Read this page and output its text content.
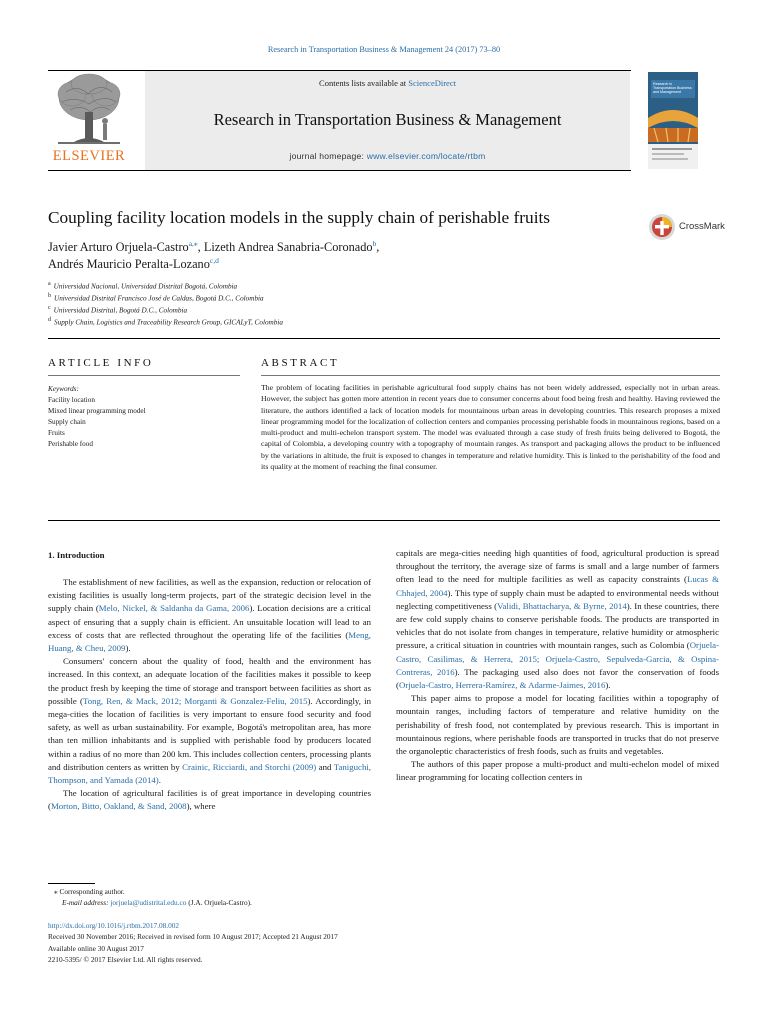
Research in Transportation Business & Management 24 (2017) 73–80
ELSEVIER
Contents lists available at ScienceDirect
Research in Transportation Business & Management
journal homepage: www.elsevier.com/locate/rtbm
Research in Transportation Business and Management
Coupling facility location models in the supply chain of perishable fruits	CrossMark
Javier Arturo Orjuela-Castro$^{a,⁎}$, Lizeth Andrea Sanabria-Coronado$^b$,
Andrés Mauricio Peralta-Lozano$^{c,d}$
$^a$ Universidad Nacional, Universidad Distrital Bogotá, Colombia
$^b$ Universidad Distrital Francisco José de Caldas, Bogotá D.C., Colombia
$^c$ Universidad Distrital, Bogotá D.C., Colombia
$^d$ Supply Chain, Logistics and Traceability Research Group, GICALyT, Colombia
ARTICLE INFO	ABSTRACT
Keywords:
Facility location
Mixed linear programming model
Supply chain
Fruits
Perishable food
The problem of locating facilities in perishable agricultural food supply chains has not been widely addressed, especially not in urban areas. However, the subject has gotten more attention in recent years due to consumer concerns about food being fresh and healthy. Having reviewed the literature, the authors identified a lack of location models for mountainous urban areas in developing countries. This research proposes a mixed linear programming model for the localization of collection centers and companies processing perishable foods in mountainous regions, based on a multi-product and multi-echelon transport system. The model was evaluated through a case study of fresh fruits being delivered to Bogotá, the capital of Colombia, a developing country with a topography of mountain ranges. As transport and packaging allows the product to be influenced by the variations in altitude, the fruit is exposed to changes in temperature and relative humidity. This is linked to the perishability of the food and its quality at the moment of reaching the final consumer.
1. Introduction

The establishment of new facilities, as well as the expansion, reduction or relocation of existing facilities is usually long-term projects, part of the strategic decision level in the supply chain (Melo, Nickel, & Saldanha da Gama, 2006). Location decisions are a critical aspect of ensuring that a supply chain is efficient. An unsuitable location will lead to an excess of costs that are reflected throughout the operating life of the facilities (Meng, Huang, & Cheu, 2009).

Consumers' concern about the quality of food, health and the environment has increased. In this context, an adequate location of the facilities makes it possible to keep the product fresh by keeping the time of storage and transport between facilities as short as possible (Tong, Ren, & Mack, 2012; Morganti & Gonzalez-Feliu, 2015). Accordingly, in mega-cities the location of facilities is very important to ensure food security and food safety, as well as urban sustainability. For example, Bogotá's metropolitan area, has more than ten million inhabitants and is supplied with perishable food by producers located within a radius of no more than 200 km. This includes collection centers, processing plants and distribution centers as written by Crainic, Ricciardi, and Storchi (2009) and Taniguchi, Thompson, and Yamada (2014).

The location of agricultural facilities is of great importance in developing countries (Morton, Bitto, Oakland, & Sand, 2008), where

capitals are mega-cities needing high quantities of food, agricultural production is spread throughout the territory, the average size of farms is small and a large number of farmers often lead to the need for multiple facilities as well as capacity constraints (Lucas & Chhajed, 2004). This type of supply chain must be adapted to environmental needs without neglecting competitiveness (Validi, Bhattacharya, & Byrne, 2014). In these countries, there are few cold supply chains to conserve perishable foods. The products are transported in vehicles that do not isolate from changes in temperature, relative humidity or atmospheric pressure, a critical situation in countries with mountain ranges, such as Colombia (Orjuela-Castro, Casilimas, & Herrera, 2015; Orjuela-Castro, Sepulveda-Garcia, & Ospina-Contreras, 2016). The packaging used also does not favor the conservation of foods (Orjuela-Castro, Herrera-Ramírez, & Adarme-Jaimes, 2016).

This paper aims to propose a model for locating facilities within a topography of mountain ranges, including factors of temperature and relative humidity on the perishability of fresh food, not contemplated by previous research. This is important in mountainous regions, where perishable foods are transported in trucks that do not preserve the organoleptic characteristics of fresh foods, such as fruits and vegetables.

The authors of this paper propose a multi-product and multi-echelon model of mixed linear programming for locating collection centers in

⁎ Corresponding author.
E-mail address: jorjuela@udistrital.edu.co (J.A. Orjuela-Castro).
http://dx.doi.org/10.1016/j.rtbm.2017.08.002
Received 30 November 2016; Received in revised form 10 August 2017; Accepted 21 August 2017
Available online 30 August 2017
2210-5395/ © 2017 Elsevier Ltd. All rights reserved.
